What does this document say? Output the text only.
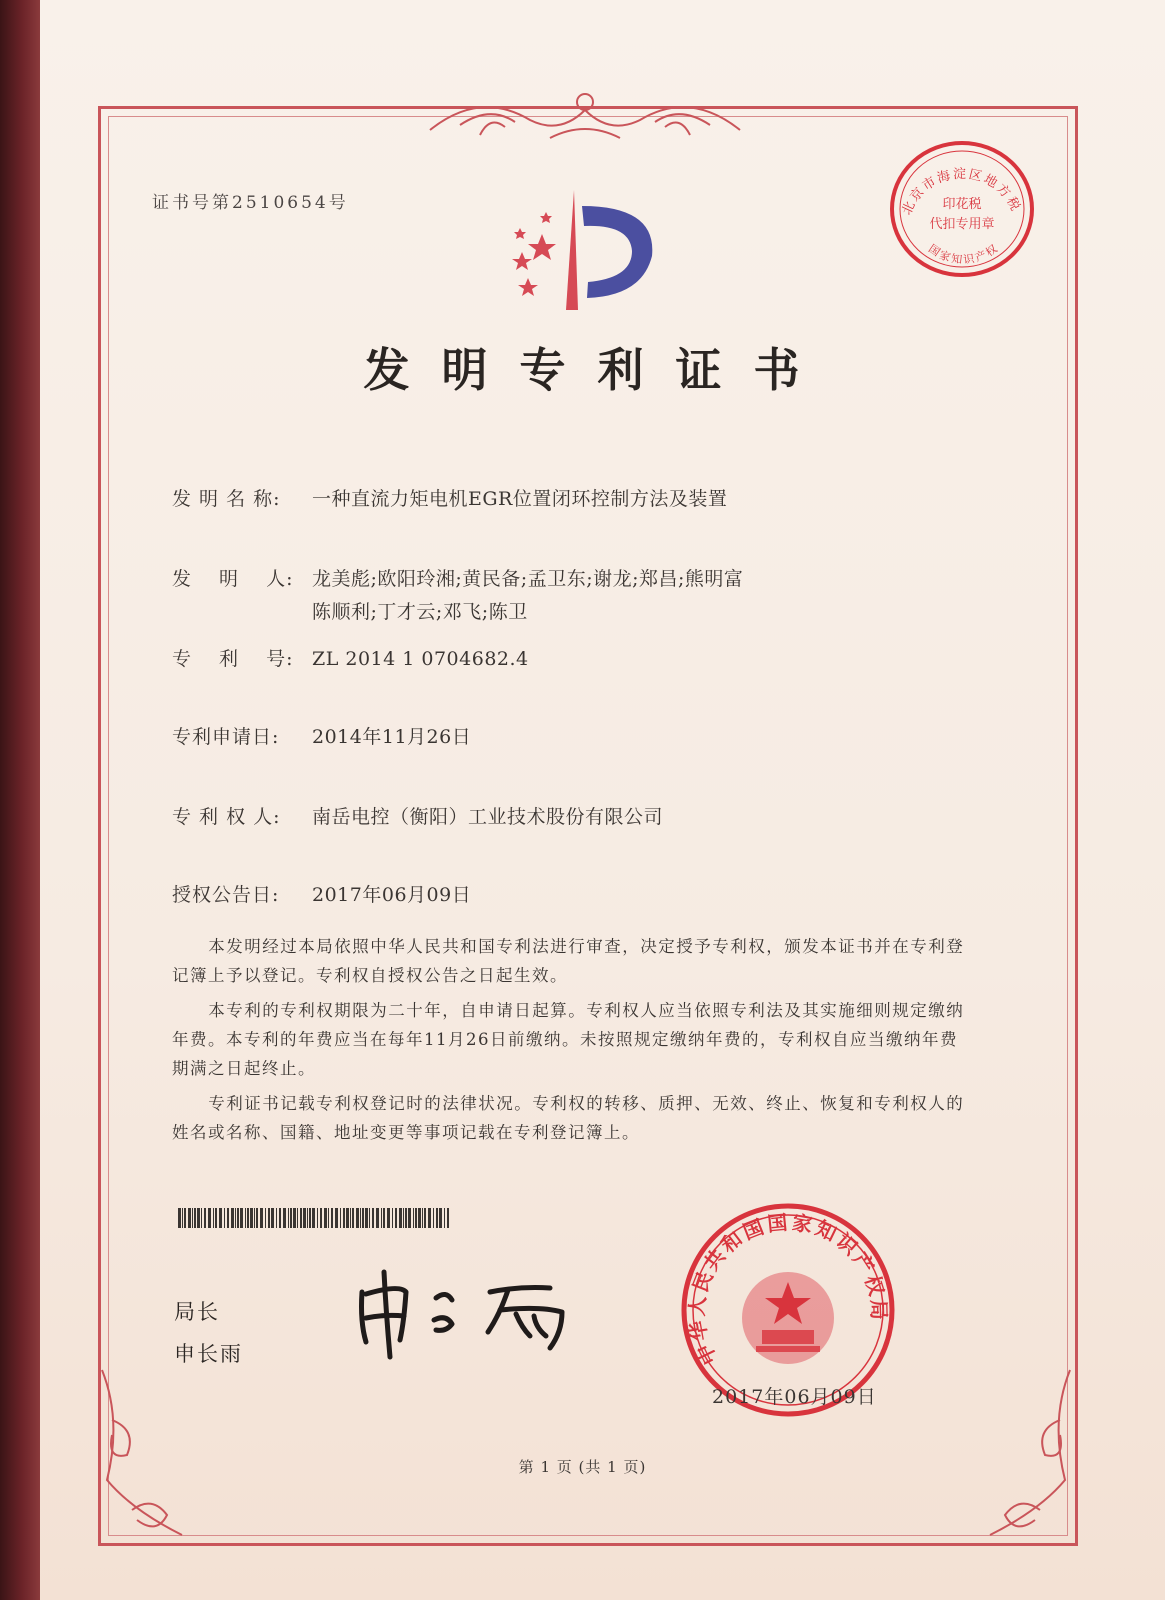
证书号第2510654号	北京市海淀区地方税
印花税
代扣专用章
国家知识产权
发明专利证书
发 明 名 称: 一种直流力矩电机EGR位置闭环控制方法及装置
发　 明　 人: 龙美彪;欧阳玲湘;黄民备;孟卫东;谢龙;郑昌;熊明富
陈顺利;丁才云;邓飞;陈卫
专　 利　 号: ZL 2014 1 0704682.4
专利申请日: 2014年11月26日
专 利 权 人: 南岳电控（衡阳）工业技术股份有限公司
授权公告日: 2017年06月09日

本发明经过本局依照中华人民共和国专利法进行审查，决定授予专利权，颁发本证书并在专利登记簿上予以登记。专利权自授权公告之日起生效。

本专利的专利权期限为二十年，自申请日起算。专利权人应当依照专利法及其实施细则规定缴纳年费。本专利的年费应当在每年11月26日前缴纳。未按照规定缴纳年费的，专利权自应当缴纳年费期满之日起终止。

专利证书记载专利权登记时的法律状况。专利权的转移、质押、无效、终止、恢复和专利权人的姓名或名称、国籍、地址变更等事项记载在专利登记簿上。

局长
申长雨	中华人民共和国国家知识产权局
2017年06月09日
第 1 页 (共 1 页)
